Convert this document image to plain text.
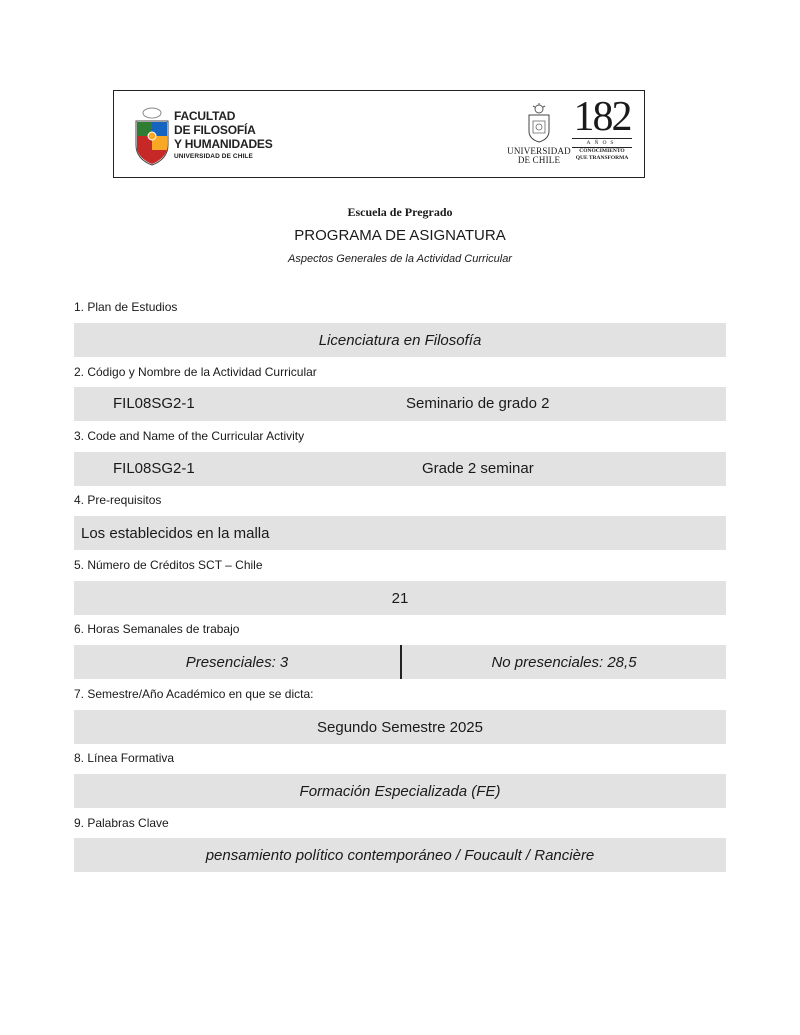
FACULTAD
DE FILOSOFÍA
Y HUMANIDADES
UNIVERSIDAD DE CHILE
UNIVERSIDAD
DE CHILE
182
AÑOS
CONOCIMIENTO
QUE TRANSFORMA
Escuela de Pregrado
PROGRAMA DE ASIGNATURA
Aspectos Generales de la Actividad Curricular
1. Plan de Estudios
Licenciatura en Filosofía
2. Código y Nombre de la Actividad Curricular
FIL08SG2-1	Seminario de grado 2
3. Code and Name of the Curricular Activity
FIL08SG2-1	Grade 2 seminar
4. Pre-requisitos
Los establecidos en la malla
5. Número de Créditos SCT – Chile
21
6. Horas Semanales de trabajo
Presenciales: 3	No presenciales: 28,5
7. Semestre/Año Académico en que se dicta:
Segundo Semestre 2025
8. Línea Formativa
Formación Especializada (FE)
9. Palabras Clave
pensamiento político contemporáneo / Foucault / Rancière
